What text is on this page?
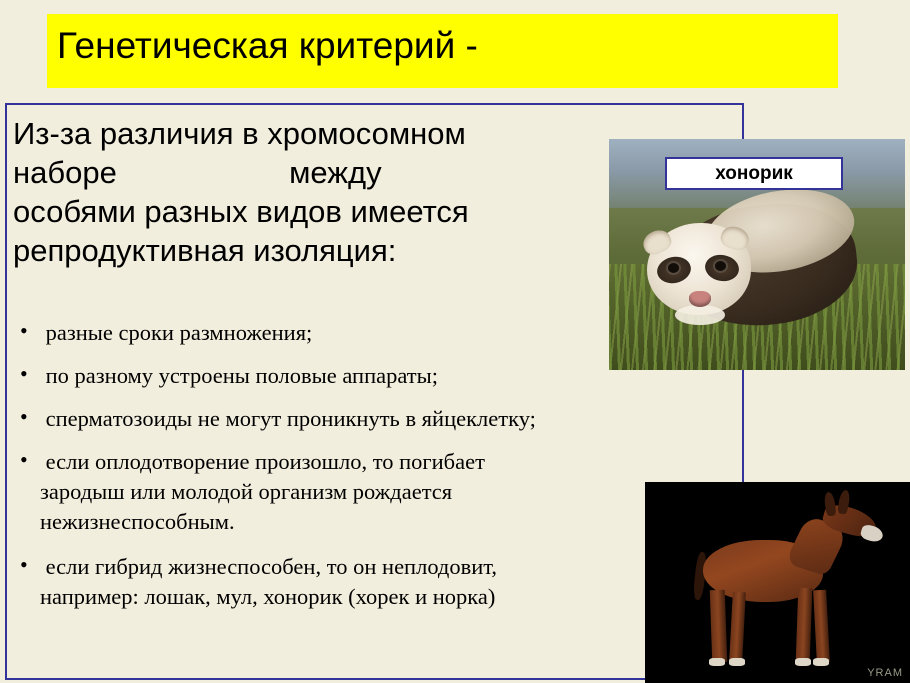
Генетическая критерий -
Из-за различия в хромосомном
наборе                    между
особями разных видов имеется
репродуктивная изоляция:
• разные сроки размножения;
• по разному устроены половые аппараты;
• спермaтозоиды не могут проникнуть в яйцеклетку;
• если оплодотворение произошло, то погибает
зародыш или молодой организм рождается
нежизнеспособным.
• если гибрид жизнеспособен, то он неплодовит,
например: лошак, мул, хонорик (хорек и норка)
хонорик
YRAM
